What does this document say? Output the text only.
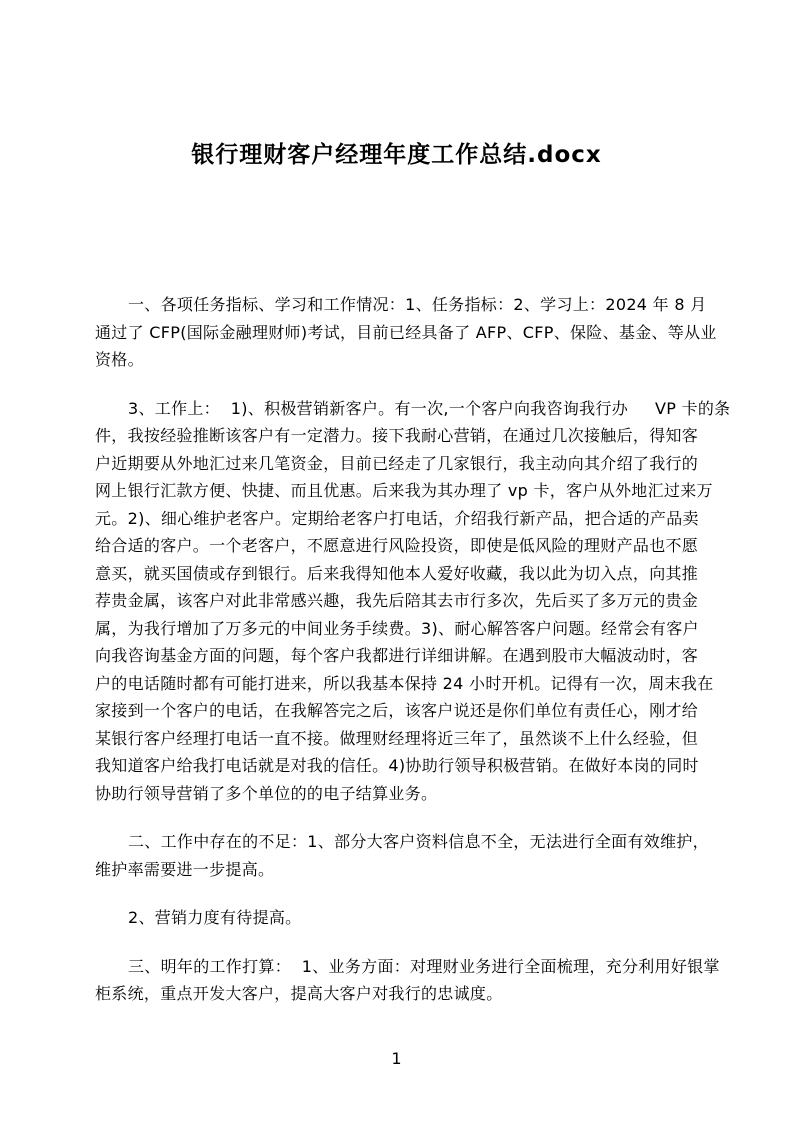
银行理财客户经理年度工作总结.docx
一、各项任务指标、学习和工作情况：1、任务指标：2、学习上：2024 年 8 月
通过了 CFP(国际金融理财师)考试，目前已经具备了 AFP、CFP、保险、基金、等从业
资格。
3、工作上：  1)、积极营销新客户。有一次,一个客户向我咨询我行办     VP 卡的条
件，我按经验推断该客户有一定潜力。接下我耐心营销，在通过几次接触后，得知客
户近期要从外地汇过来几笔资金，目前已经走了几家银行，我主动向其介绍了我行的
网上银行汇款方便、快捷、而且优惠。后来我为其办理了 vp 卡，客户从外地汇过来万
元。2)、细心维护老客户。定期给老客户打电话，介绍我行新产品，把合适的产品卖
给合适的客户。一个老客户，不愿意进行风险投资，即使是低风险的理财产品也不愿
意买，就买国债或存到银行。后来我得知他本人爱好收藏，我以此为切入点，向其推
荐贵金属，该客户对此非常感兴趣，我先后陪其去市行多次，先后买了多万元的贵金
属，为我行增加了万多元的中间业务手续费。3)、耐心解答客户问题。经常会有客户
向我咨询基金方面的问题，每个客户我都进行详细讲解。在遇到股市大幅波动时，客
户的电话随时都有可能打进来，所以我基本保持 24 小时开机。记得有一次，周末我在
家接到一个客户的电话，在我解答完之后，该客户说还是你们单位有责任心，刚才给
某银行客户经理打电话一直不接。做理财经理将近三年了，虽然谈不上什么经验，但
我知道客户给我打电话就是对我的信任。4)协助行领导积极营销。在做好本岗的同时
协助行领导营销了多个单位的的电子结算业务。
二、工作中存在的不足：1、部分大客户资料信息不全，无法进行全面有效维护，
维护率需要进一步提高。
2、营销力度有待提高。
三、明年的工作打算：  1、业务方面：对理财业务进行全面梳理，充分利用好银掌
柜系统，重点开发大客户，提高大客户对我行的忠诚度。
1
